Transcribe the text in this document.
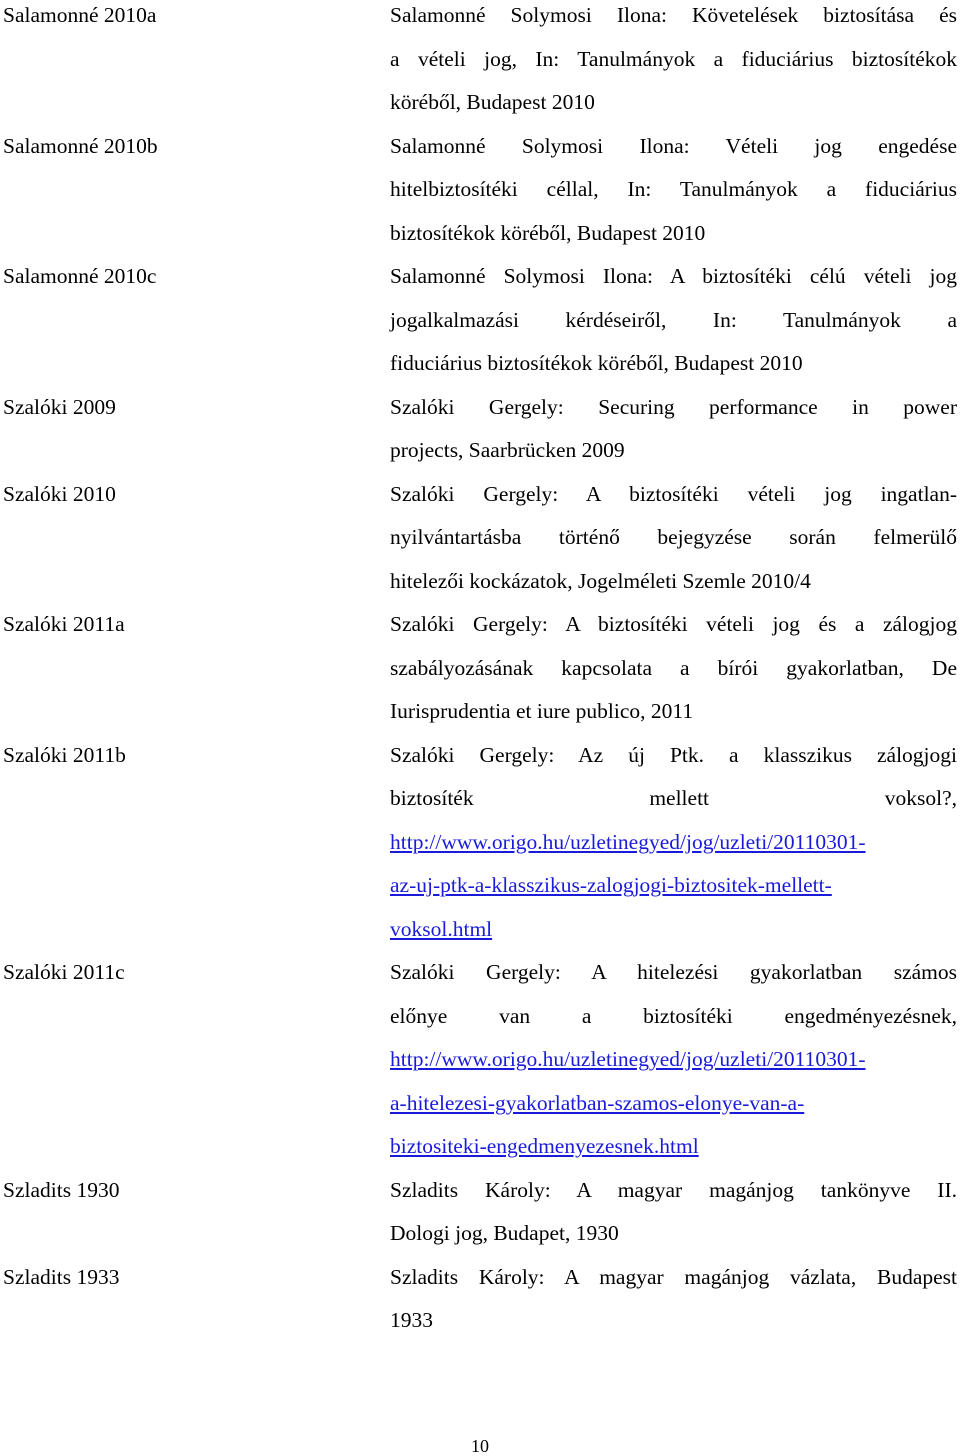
Salamonné 2010a	Salamonné Solymosi Ilona: Követelések biztosítása és
a vételi jog, In: Tanulmányok a fiduciárius biztosítékok
köréből, Budapest 2010
Salamonné 2010b	Salamonné Solymosi Ilona: Vételi jog engedése
hitelbiztosítéki céllal, In: Tanulmányok a fiduciárius
biztosítékok köréből, Budapest 2010
Salamonné 2010c	Salamonné Solymosi Ilona: A biztosítéki célú vételi jog
jogalkalmazási kérdéseiről, In: Tanulmányok a
fiduciárius biztosítékok köréből, Budapest 2010
Szalóki 2009	Szalóki Gergely: Securing performance in power
projects, Saarbrücken 2009
Szalóki 2010	Szalóki Gergely: A biztosítéki vételi jog ingatlan-
nyilvántartásba történő bejegyzése során felmerülő
hitelezői kockázatok, Jogelméleti Szemle 2010/4
Szalóki 2011a	Szalóki Gergely: A biztosítéki vételi jog és a zálogjog
szabályozásának kapcsolata a bírói gyakorlatban, De
Iurisprudentia et iure publico, 2011
Szalóki 2011b	Szalóki Gergely: Az új Ptk. a klasszikus zálogjogi
biztosíték mellett voksol?,
http://www.origo.hu/uzletinegyed/jog/uzleti/20110301-
az-uj-ptk-a-klasszikus-zalogjogi-biztositek-mellett-
voksol.html
Szalóki 2011c	Szalóki Gergely: A hitelezési gyakorlatban számos
előnye van a biztosítéki engedményezésnek,
http://www.origo.hu/uzletinegyed/jog/uzleti/20110301-
a-hitelezesi-gyakorlatban-szamos-elonye-van-a-
biztositeki-engedmenyezesnek.html
Szladits 1930	Szladits Károly: A magyar magánjog tankönyve II.
Dologi jog, Budapet, 1930
Szladits 1933	Szladits Károly: A magyar magánjog vázlata, Budapest
1933
10
